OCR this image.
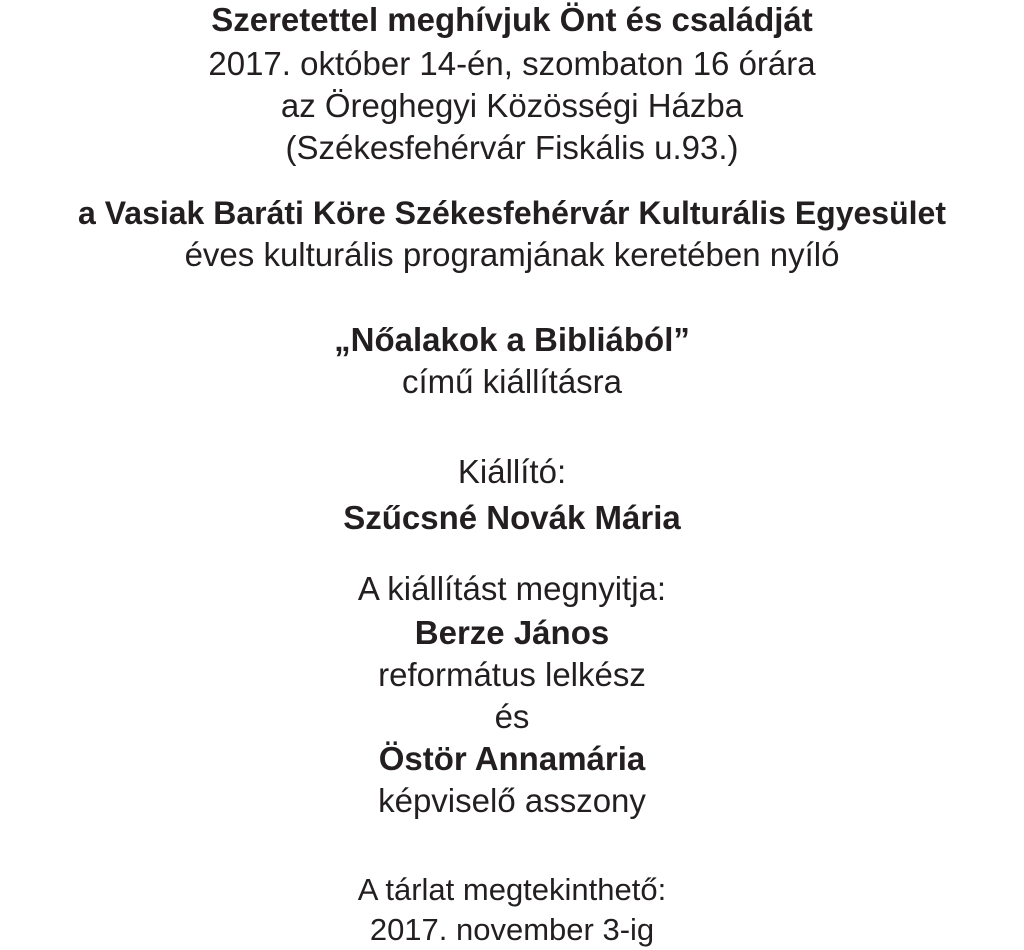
Szeretettel meghívjuk Önt és családját
2017. október 14-én, szombaton 16 órára
az Öreghegyi Közösségi Házba
(Székesfehérvár Fiskális u.93.)
a Vasiak Baráti Köre Székesfehérvár Kulturális Egyesület
éves kulturális programjának keretében nyíló
„Nőalakok a Bibliából”
című kiállításra
Kiállító:
Szűcsné Novák Mária
A kiállítást megnyitja:
Berze János
református lelkész
és
Östör Annamária
képviselő asszony
A tárlat megtekinthető:
2017. november 3-ig
